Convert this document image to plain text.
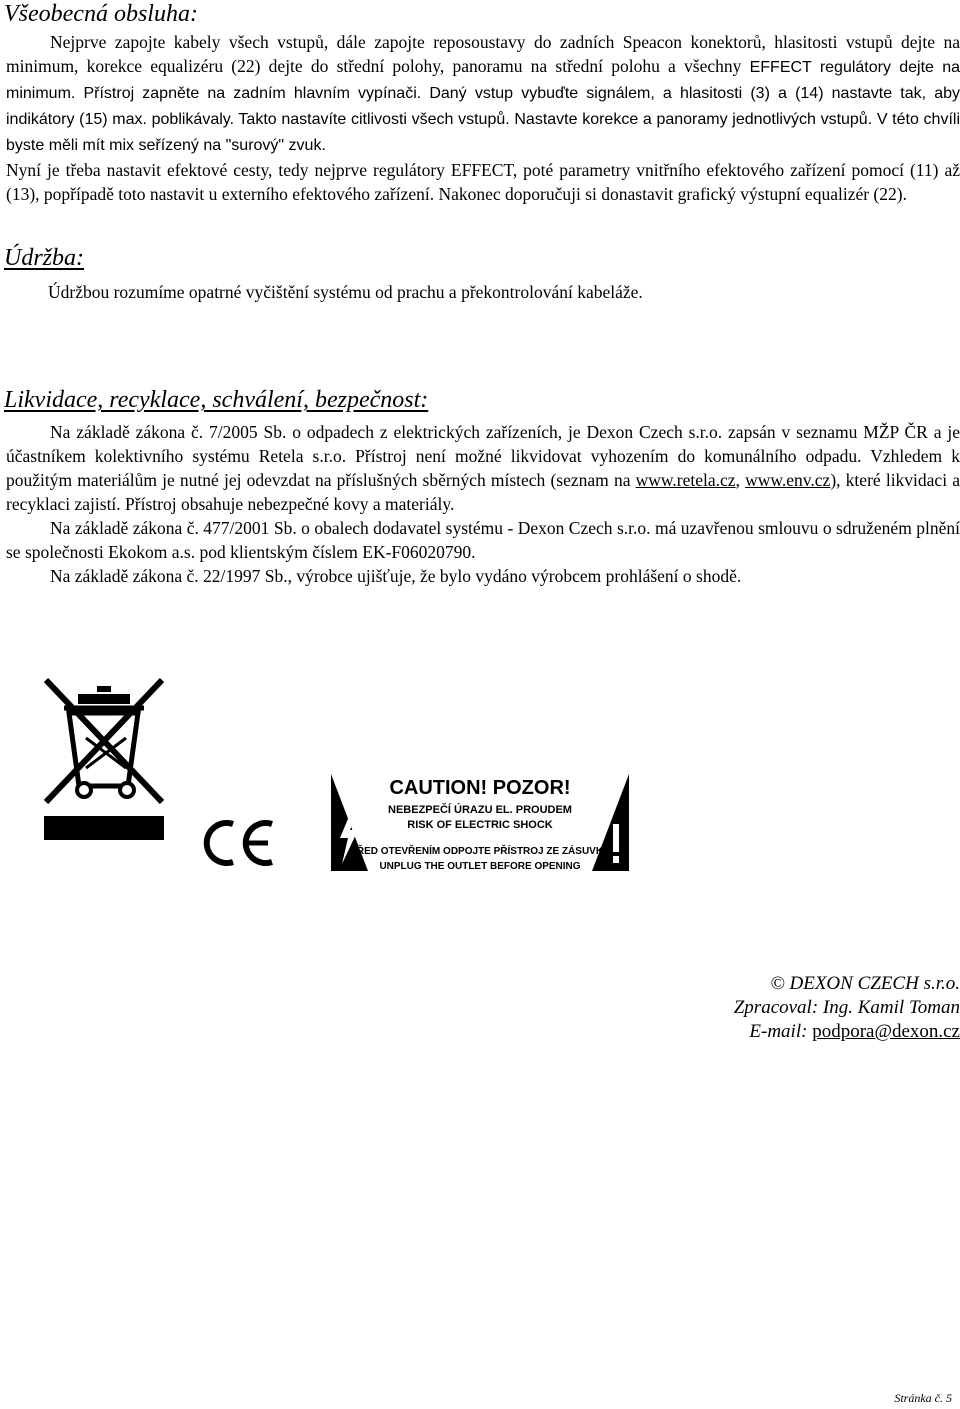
Všeobecná obsluha:

Nejprve zapojte kabely všech vstupů, dále zapojte reposoustavy do zadních Speacon konektorů, hlasitosti vstupů dejte na minimum, korekce equalizéru (22) dejte do střední polohy, panoramu na střední polohu a všechny EFFECT regulátory dejte na minimum. Přístroj zapněte na zadním hlavním vypínači. Daný vstup vybuďte signálem, a hlasitosti (3) a (14) nastavte tak, aby indikátory (15) max. poblikávaly. Takto nastavíte citlivosti všech vstupů. Nastavte korekce a panoramy jednotlivých vstupů. V této chvíli byste měli mít mix seřízený na "surový" zvuk.

Nyní je třeba nastavit efektové cesty, tedy nejprve regulátory EFFECT, poté parametry vnitřního efektového zařízení pomocí (11) až (13), popřípadě toto nastavit u externího efektového zařízení. Nakonec doporučuji si donastavit grafický výstupní equalizér (22).

Údržba:

Údržbou rozumíme opatrné vyčištění systému od prachu a překontrolování kabeláže.

Likvidace, recyklace, schválení, bezpečnost:

Na základě zákona č. 7/2005 Sb. o odpadech z elektrických zařízeních, je Dexon Czech s.r.o. zapsán v seznamu MŽP ČR a je účastníkem kolektivního systému Retela s.r.o. Přístroj není možné likvidovat vyhozením do komunálního odpadu. Vzhledem k použitým materiálům je nutné jej odevzdat na příslušných sběrných místech (seznam na www.retela.cz, www.env.cz), které likvidaci a recyklaci zajistí. Přístroj obsahuje nebezpečné kovy a materiály.

Na základě zákona č. 477/2001 Sb. o obalech dodavatel systému - Dexon Czech s.r.o. má uzavřenou smlouvu o sdruženém plnění se společnosti Ekokom a.s. pod klientským číslem EK-F06020790.

Na základě zákona č. 22/1997 Sb., výrobce ujišťuje, že bylo vydáno výrobcem prohlášení o shodě.

CAUTION! POZOR!
NEBEZPEČÍ ÚRAZU EL. PROUDEM
RISK OF ELECTRIC SHOCK
PŘED OTEVŘENÍM ODPOJTE PŘÍSTROJ ZE ZÁSUVKY
UNPLUG THE OUTLET BEFORE OPENING
© DEXON CZECH s.r.o.
Zpracoval: Ing. Kamil Toman
E-mail: podpora@dexon.cz
Stránka č. 5
